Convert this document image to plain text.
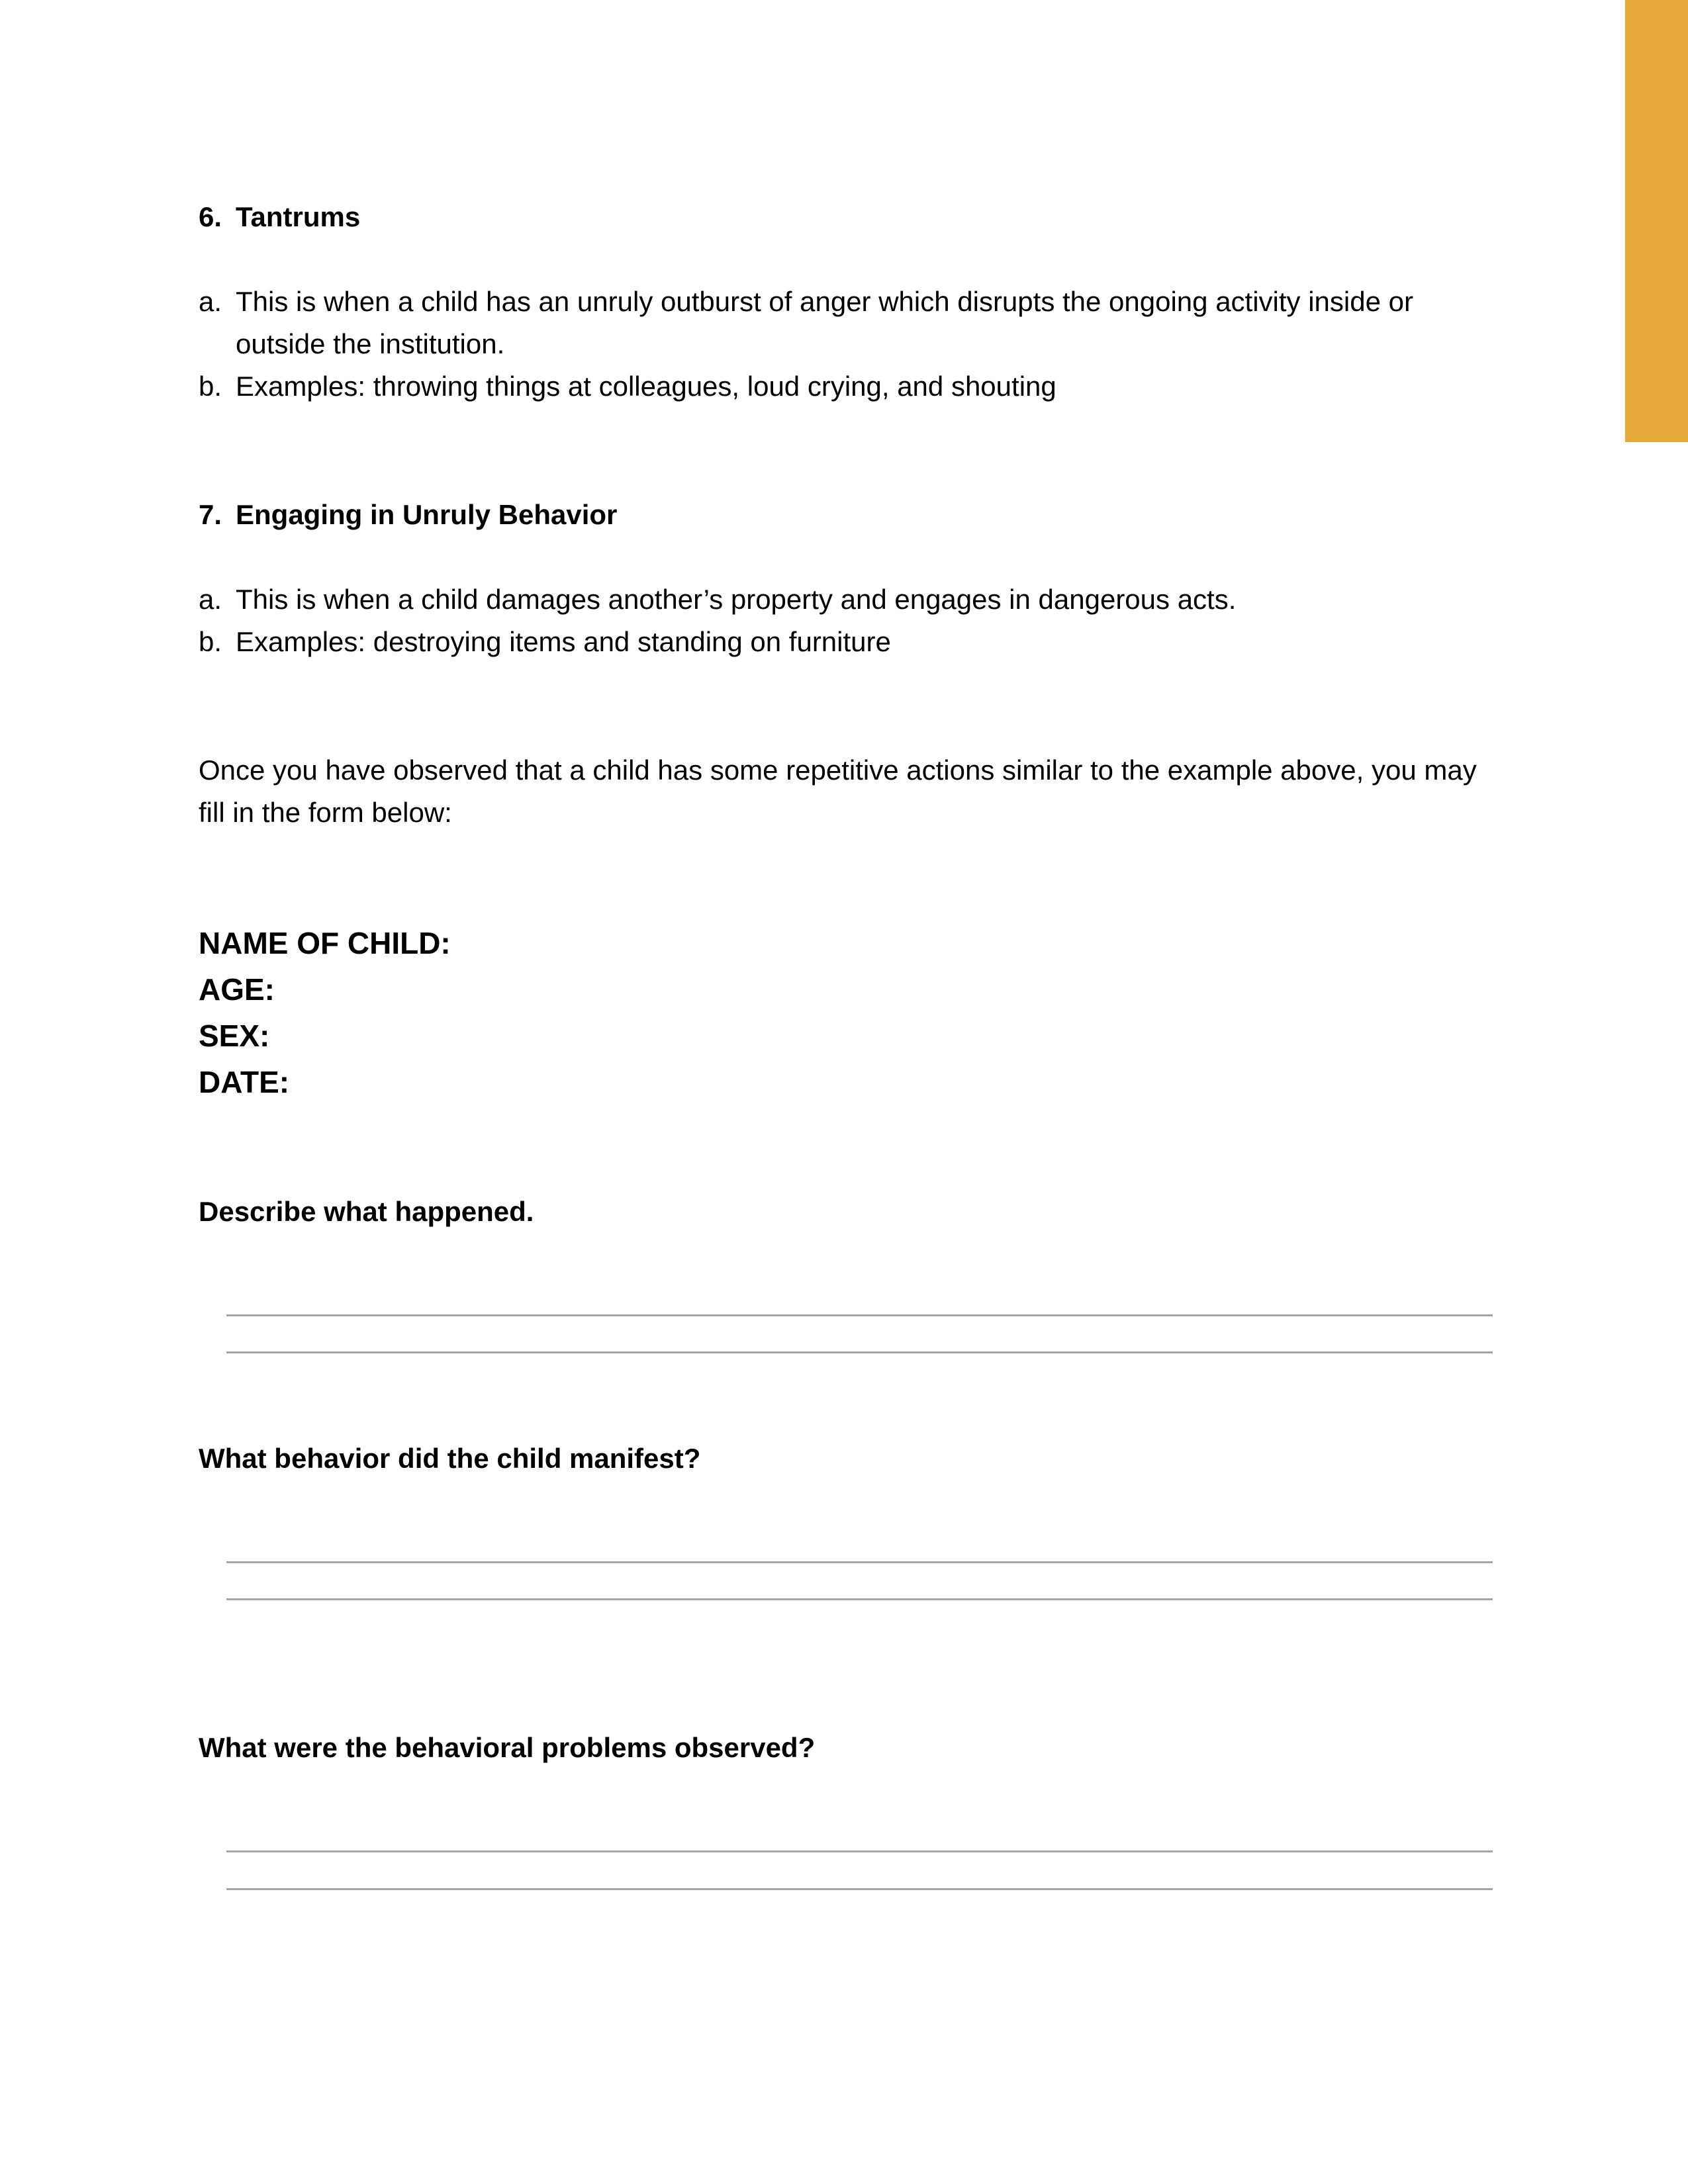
6. Tantrums
a. This is when a child has an unruly outburst of anger which disrupts the ongoing activity inside or outside the institution.
b. Examples: throwing things at colleagues, loud crying, and shouting
7. Engaging in Unruly Behavior
a. This is when a child damages another’s property and engages in dangerous acts.
b. Examples: destroying items and standing on furniture

Once you have observed that a child has some repetitive actions similar to the example above, you may fill in the form below:

NAME OF CHILD:
AGE:
SEX:
DATE:
Describe what happened.
What behavior did the child manifest?
What were the behavioral problems observed?
